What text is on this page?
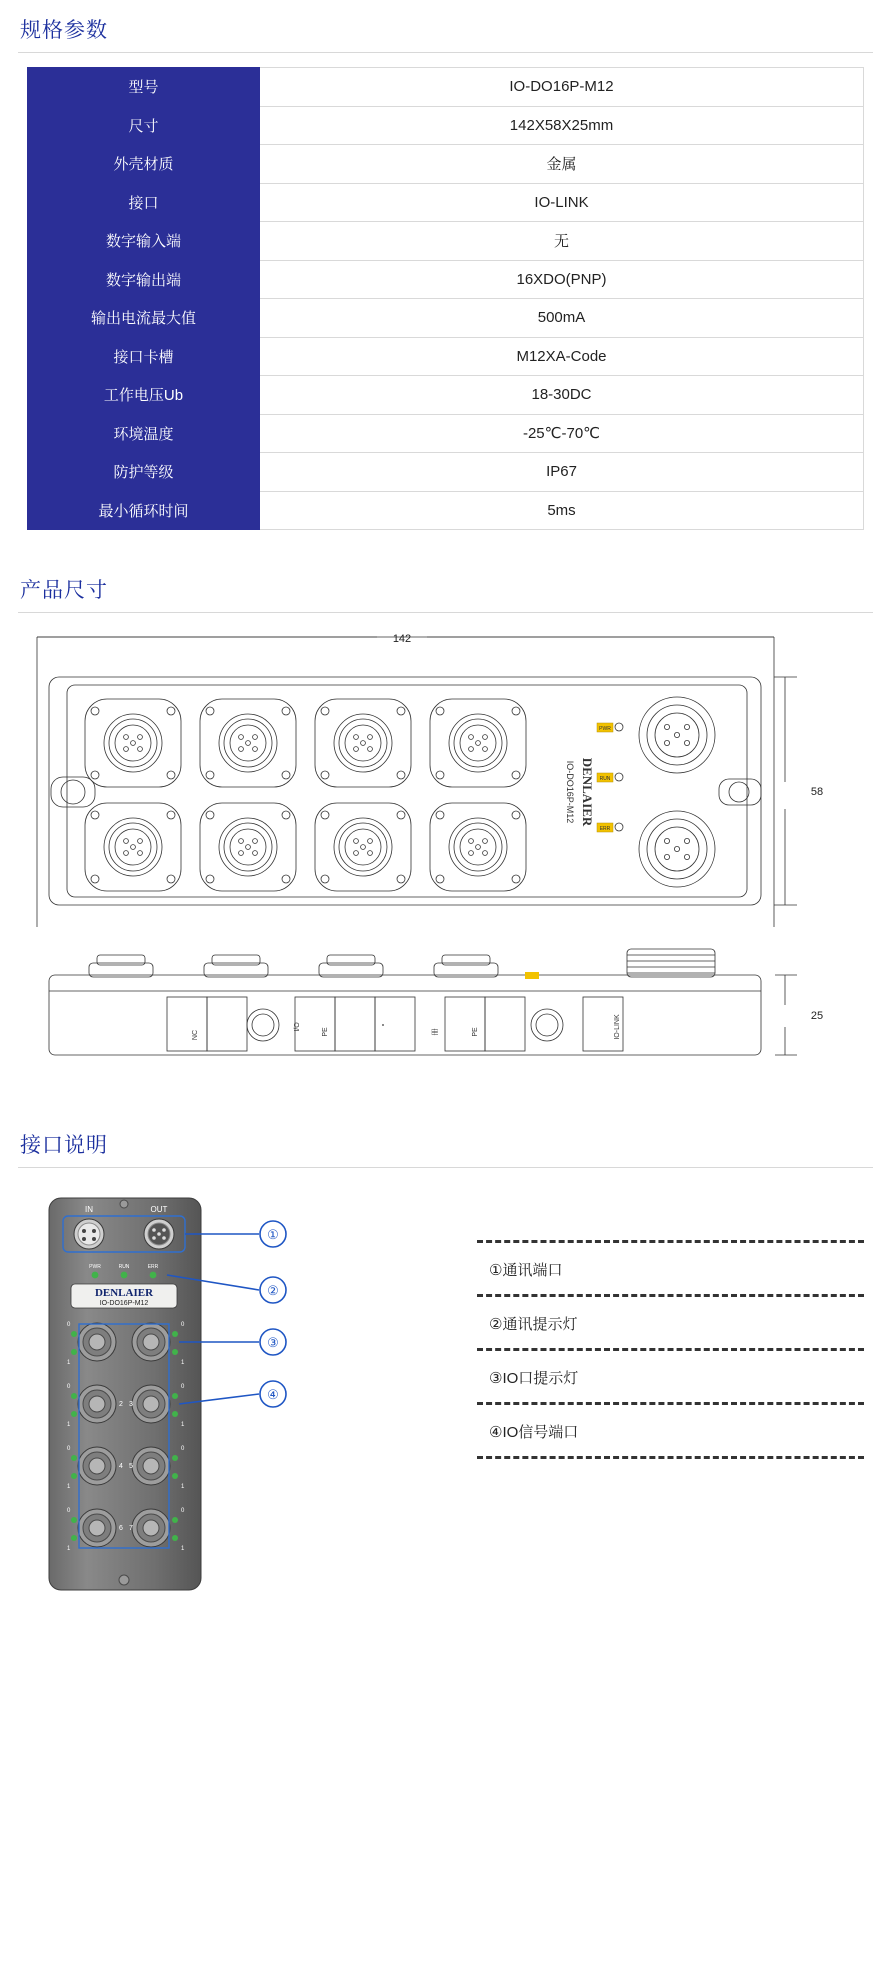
规格参数
型号	IO-DO16P-M12
尺寸	142X58X25mm
外壳材质	金属
接口	IO-LINK
数字输入端	无
数字输出端	16XDO(PNP)
输出电流最大值	500mA
接口卡槽	M12XA-Code
工作电压Ub	18-30DC
环境温度	-25℃-70℃
防护等级	IP67
最小循环时间	5ms
产品尺寸
142
58
PWR
RUN
ERR
DENLAIER
IO-DO16P-M12
NC
I/O
PE	冊	PE	IO-LINK	25
接口说明
IN	OUT
PWR	RUN	ERR
DENLAIER
IO-DO16P-M12
0
1
0
1
0
1
0
1
2 3
0
1
0
1
4 5
0
1
0
1
6 7
①
②
③
④
①通讯端口
②通讯提示灯
③IO口提示灯
④IO信号端口
